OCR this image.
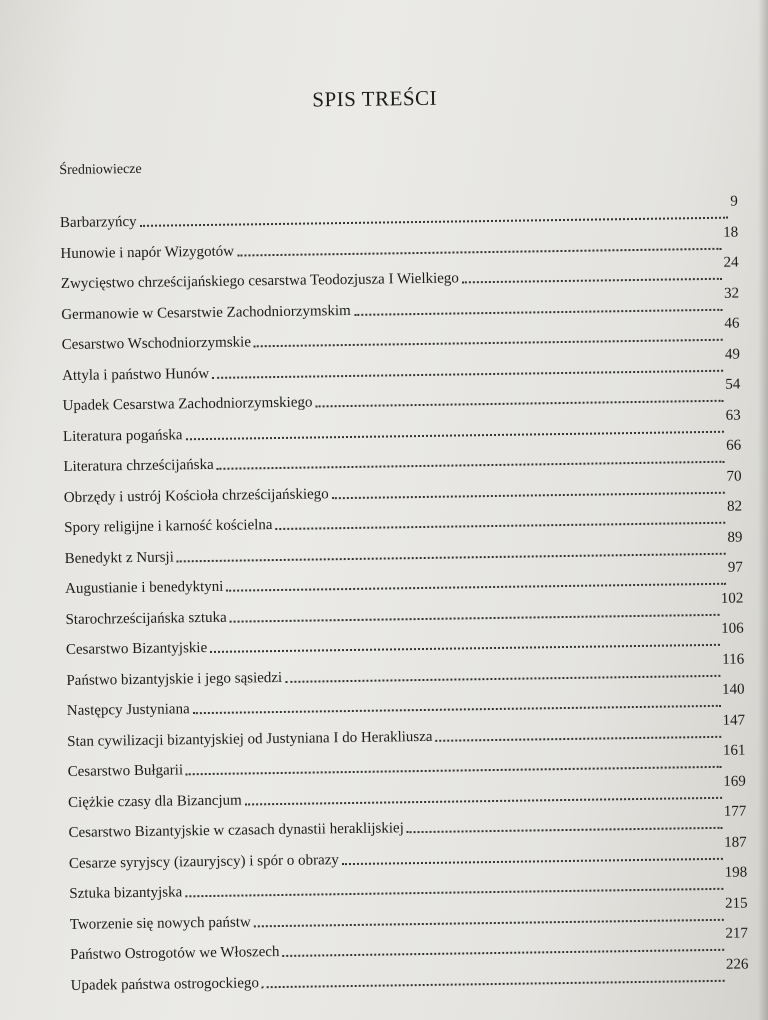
SPIS TREŚCI
Średniowiecze
Barbarzyńcy
9
Hunowie i napór Wizygotów
18
Zwycięstwo chrześcijańskiego cesarstwa Teodozjusza I Wielkiego
24
Germanowie w Cesarstwie Zachodniorzymskim
32
Cesarstwo Wschodniorzymskie
46
Attyla i państwo Hunów
49
Upadek Cesarstwa Zachodniorzymskiego
54
Literatura pogańska
63
Literatura chrześcijańska
66
Obrzędy i ustrój Kościoła chrześcijańskiego
70
Spory religijne i karność kościelna
82
Benedykt z Nursji
89
Augustianie i benedyktyni
97
Starochrześcijańska sztuka
102
Cesarstwo Bizantyjskie
106
Państwo bizantyjskie i jego sąsiedzi
116
Następcy Justyniana
140
Stan cywilizacji bizantyjskiej od Justyniana I do Herakliusza
147
Cesarstwo Bułgarii
161
Ciężkie czasy dla Bizancjum
169
Cesarstwo Bizantyjskie w czasach dynastii heraklijskiej
177
Cesarze syryjscy (izauryjscy) i spór o obrazy
187
Sztuka bizantyjska
198
Tworzenie się nowych państw
215
Państwo Ostrogotów we Włoszech
217
Upadek państwa ostrogockiego
226
